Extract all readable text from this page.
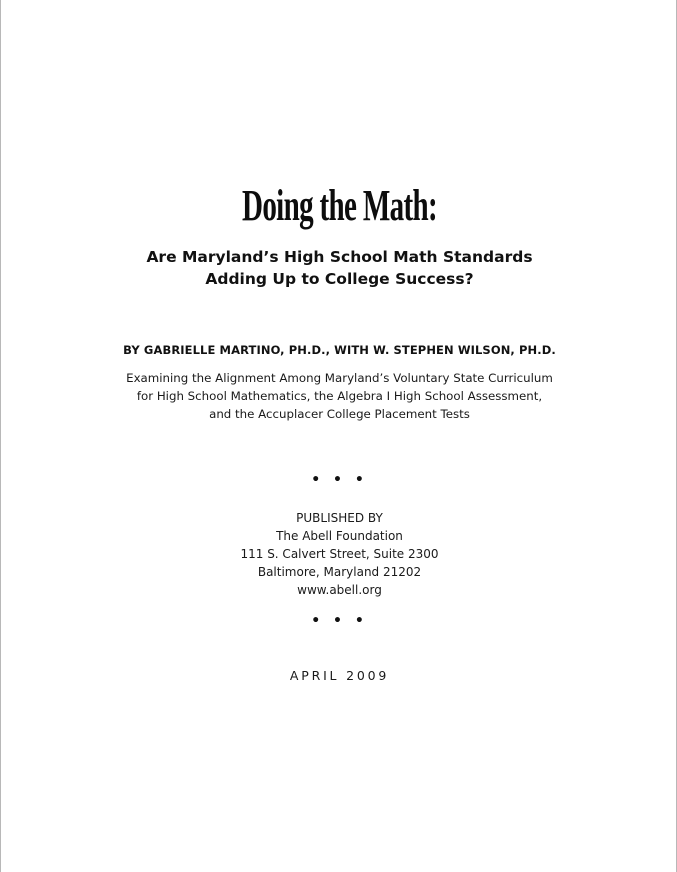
Doing the Math:
Are Maryland’s High School Math Standards
Adding Up to College Success?
BY GABRIELLE MARTINO, PH.D., WITH W. STEPHEN WILSON, PH.D.
Examining the Alignment Among Maryland’s Voluntary State Curriculum
for High School Mathematics, the Algebra I High School Assessment,
and the Accuplacer College Placement Tests
• • •
PUBLISHED BY
The Abell Foundation
111 S. Calvert Street, Suite 2300
Baltimore, Maryland 21202
www.abell.org
• • •
APRIL 2009
